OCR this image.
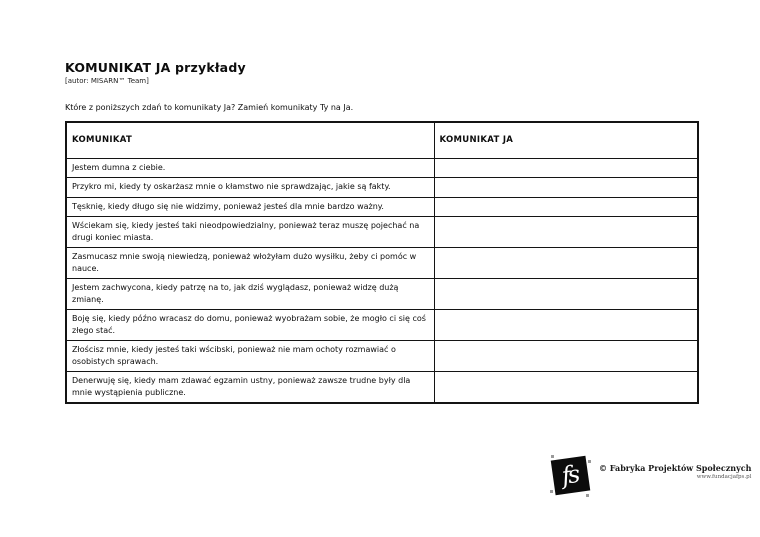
KOMUNIKAT JA przykłady
[autor: MISARN™ Team]
Które z poniższych zdań to komunikaty Ja? Zamień komunikaty Ty na Ja.
KOMUNIKAT	KOMUNIKAT JA
Jestem dumna z ciebie.	
Przykro mi, kiedy ty oskarżasz mnie o kłamstwo nie sprawdzając, jakie są fakty.	
Tęsknię, kiedy długo się nie widzimy, ponieważ jesteś dla mnie bardzo ważny.	
Wściekam się, kiedy jesteś taki nieodpowiedzialny, ponieważ teraz muszę pojechać na drugi koniec miasta.	
Zasmucasz mnie swoją niewiedzą, ponieważ włożyłam dużo wysiłku, żeby ci pomóc w nauce.	
Jestem zachwycona, kiedy patrzę na to, jak dziś wyglądasz, ponieważ widzę dużą zmianę.	
Boję się, kiedy późno wracasz do domu, ponieważ wyobrażam sobie, że mogło ci się coś złego stać.	
Złościsz mnie, kiedy jesteś taki wścibski, ponieważ nie mam ochoty rozmawiać o osobistych sprawach.	
Denerwuję się, kiedy mam zdawać egzamin ustny, ponieważ zawsze trudne były dla mnie wystąpienia publiczne.	
fs	© Fabryka Projektów Społecznych
www.fundacjafps.pl
